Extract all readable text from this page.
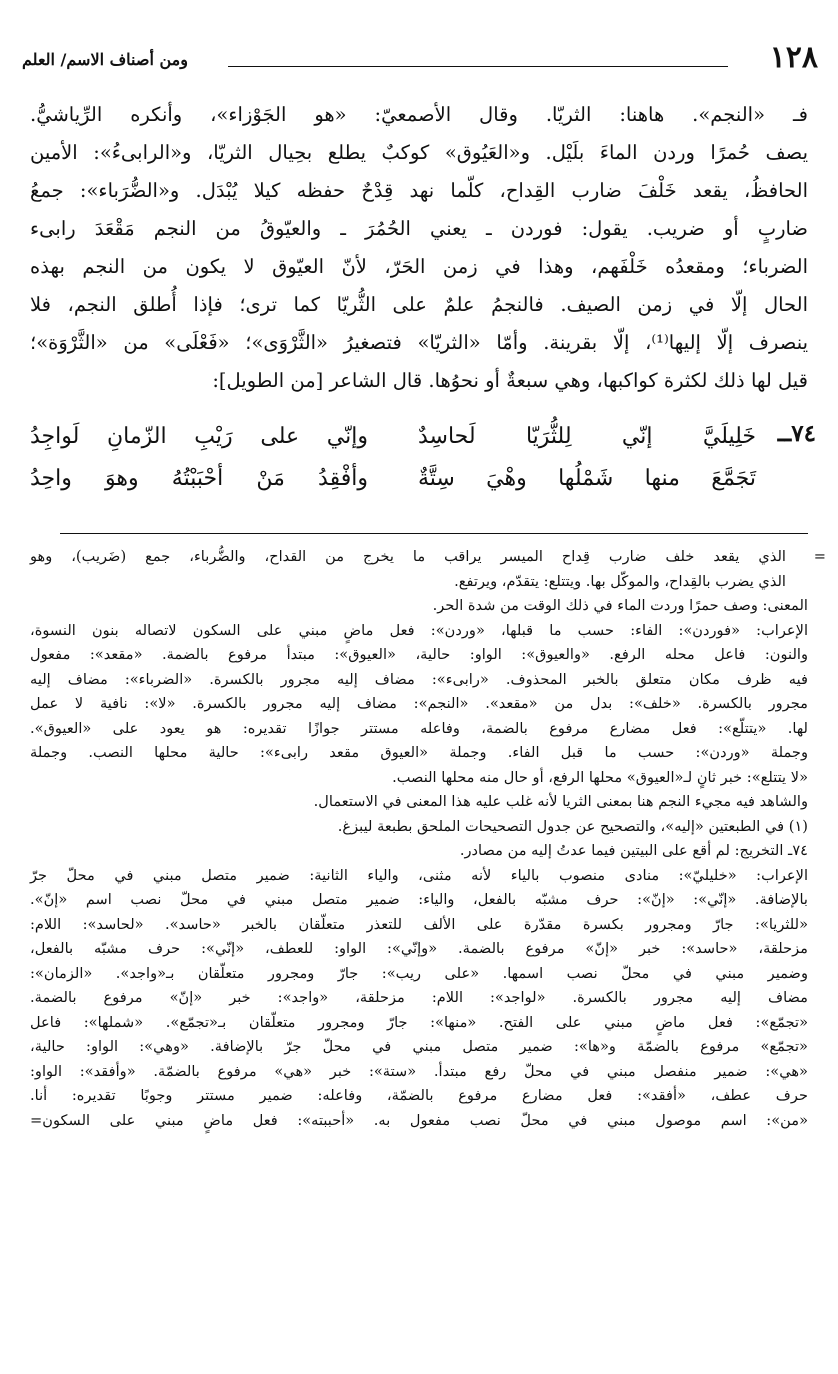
١٢٨
ومن أصناف الاسم/ العلم

فـ «النجم». هاهنا: الثريّا. وقال الأصمعيّ: «هو الجَوْزاء»، وأنكره الرِّياشيُّ.

يصف حُمرًا وردن الماءَ بلَيْل. و«العَيُوق» كوكبٌ يطلع بحِيال الثريّا، و«الرابىءُ»: الأمين

الحافظُ، يقعد خَلْفَ ضارب القِداح، كلّما نهد قِدْحٌ حفظه كيلا يُبْدَل. و«الضُّرَباء»: جمعُ

ضاربٍ أو ضريب. يقول: فوردن ـ يعني الحُمُرَ ـ والعيّوقُ من النجم مَقْعَدَ رابىء

الضرباء؛ ومقعدُه خَلْفَهم، وهذا في زمن الحَرّ، لأنّ العيّوق لا يكون من النجم بهذه

الحال إلّا في زمن الصيف. فالنجمُ علمٌ على الثُّريّا كما ترى؛ فإذا أُطلق النجم، فلا

ينصرف إلّا إليها⁽¹⁾، إلّا بقرينة. وأمّا «الثريّا» فتصغيرُ «الثَّرْوَى»؛ «فَعْلَى» من «الثَّرْوَة»؛

قيل لها ذلك لكثرة كواكبها، وهي سبعةٌ أو نحوُها. قال الشاعر [من الطويل]:

٧٤ــ
خَلِيلَيَّ إنّي لِلثُّرَيّا لَحاسِدٌ
وإنّي على رَيْبِ الزّمانِ لَواجِدُ
تَجَمَّعَ منها شَمْلُها وهْيَ سِتَّةٌ
وأفْقِدُ مَنْ أحْبَبْتُهُ وهوَ واحِدُ

=
الذي يقعد خلف ضارب قِداح الميسر يراقب ما يخرج من القداح، والضُّرباء، جمع (ضَريب)، وهو

الذي يضرب بالقِداح، والموكّل بها. ويتتلع: يتقدّم، ويرتفع.

المعنى: وصف حمرًا وردت الماء في ذلك الوقت من شدة الحر.

الإعراب: «فوردن»: الفاء: حسب ما قبلها، «وردن»: فعل ماضٍ مبني على السكون لاتصاله بنون النسوة،

والنون: فاعل محله الرفع. «والعيوق»: الواو: حالية، «العيوق»: مبتدأ مرفوع بالضمة. «مقعد»: مفعول

فيه ظرف مكان متعلق بالخبر المحذوف. «رابىء»: مضاف إليه مجرور بالكسرة. «الضرباء»: مضاف إليه

مجرور بالكسرة. «خلف»: بدل من «مقعد». «النجم»: مضاف إليه مجرور بالكسرة. «لا»: نافية لا عمل

لها. «يتتلّع»: فعل مضارع مرفوع بالضمة، وفاعله مستتر جوازًا تقديره: هو يعود على «العيوق».

وجملة «وردن»: حسب ما قبل الفاء. وجملة «العيوق مقعد رابىء»: حالية محلها النصب. وجملة

«لا يتتلع»: خبر ثانٍ لـ«العيوق» محلها الرفع، أو حال منه محلها النصب.

والشاهد فيه مجيء النجم هنا بمعنى الثريا لأنه غلب عليه هذا المعنى في الاستعمال.

(١) في الطبعتين «إليه»، والتصحيح عن جدول التصحيحات الملحق بطبعة ليبزغ.

٧٤ـ التخريج: لم أقع على البيتين فيما عدتُ إليه من مصادر.

الإعراب: «خليليّ»: منادى منصوب بالياء لأنه مثنى، والياء الثانية: ضمير متصل مبني في محلّ جرّ

بالإضافة. «إنّي»: «إنّ»: حرف مشبّه بالفعل، والياء: ضمير متصل مبني في محلّ نصب اسم «إنّ».

«للثريا»: جارّ ومجرور بكسرة مقدّرة على الألف للتعذر متعلّقان بالخبر «حاسد». «لحاسد»: اللام:

مزحلقة، «حاسد»: خبر «إنّ» مرفوع بالضمة. «وإنّي»: الواو: للعطف، «إنّي»: حرف مشبّه بالفعل،

وضمير مبني في محلّ نصب اسمها. «على ريب»: جارّ ومجرور متعلّقان بـ«واجد». «الزمان»:

مضاف إليه مجرور بالكسرة. «لواجد»: اللام: مزحلقة، «واجد»: خبر «إنّ» مرفوع بالضمة.

«تجمّع»: فعل ماضٍ مبني على الفتح. «منها»: جارّ ومجرور متعلّقان بـ«تجمّع». «شملها»: فاعل

«تجمّع» مرفوع بالضمّة و«ها»: ضمير متصل مبني في محلّ جرّ بالإضافة. «وهي»: الواو: حالية،

«هي»: ضمير منفصل مبني في محلّ رفع مبتدأ. «ستة»: خبر «هي» مرفوع بالضمّة. «وأفقد»: الواو:

حرف عطف، «أفقد»: فعل مضارع مرفوع بالضمّة، وفاعله: ضمير مستتر وجوبًا تقديره: أنا.

«من»: اسم موصول مبني في محلّ نصب مفعول به. «أحببته»: فعل ماضٍ مبني على السكون=
